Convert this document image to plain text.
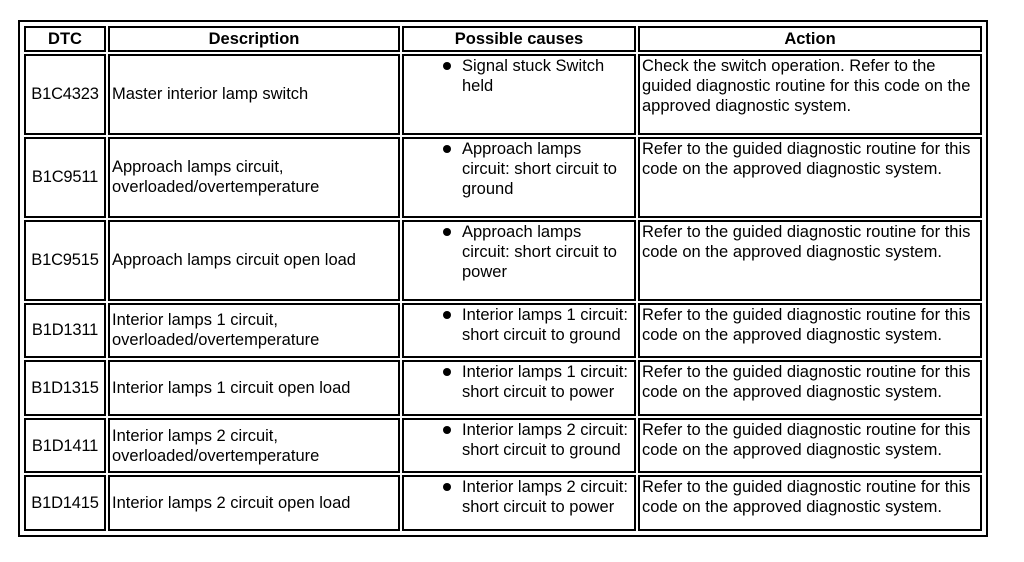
DTC	Description	Possible causes	Action
B1C4323	Master interior lamp switch	Signal stuck Switch held	Check the switch operation. Refer to the guided diagnostic routine for this code on the approved diagnostic system.
B1C9511	Approach lamps circuit, overloaded/overtemperature	Approach lamps circuit: short circuit to ground	Refer to the guided diagnostic routine for this code on the approved diagnostic system.
B1C9515	Approach lamps circuit open load	Approach lamps circuit: short circuit to power	Refer to the guided diagnostic routine for this code on the approved diagnostic system.
B1D1311	Interior lamps 1 circuit, overloaded/overtemperature	Interior lamps 1 circuit: short circuit to ground	Refer to the guided diagnostic routine for this code on the approved diagnostic system.
B1D1315	Interior lamps 1 circuit open load	Interior lamps 1 circuit: short circuit to power	Refer to the guided diagnostic routine for this code on the approved diagnostic system.
B1D1411	Interior lamps 2 circuit, overloaded/overtemperature	Interior lamps 2 circuit: short circuit to ground	Refer to the guided diagnostic routine for this code on the approved diagnostic system.
B1D1415	Interior lamps 2 circuit open load	Interior lamps 2 circuit: short circuit to power	Refer to the guided diagnostic routine for this code on the approved diagnostic system.
